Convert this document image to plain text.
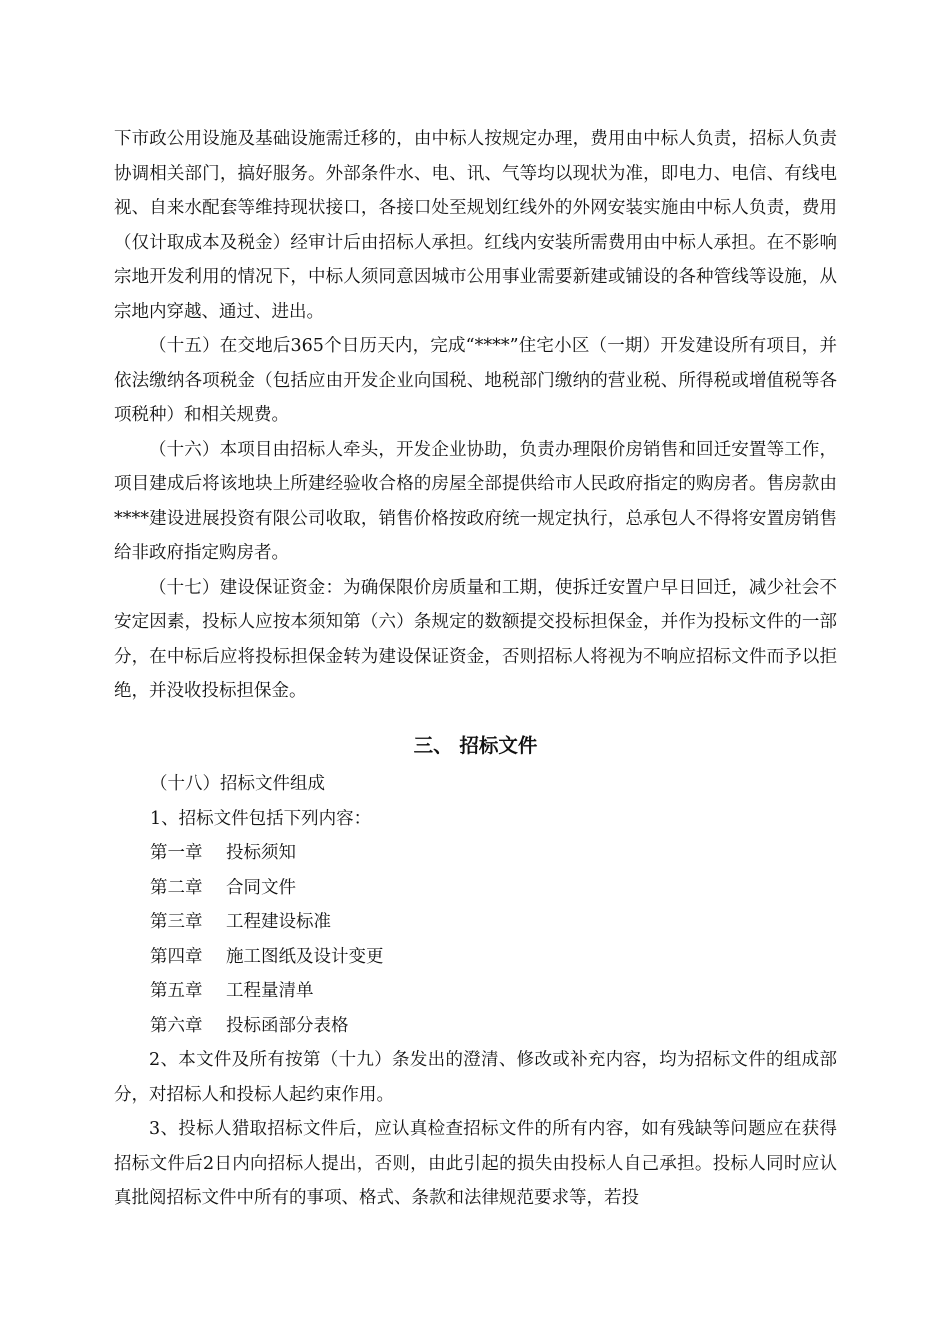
下市政公用设施及基础设施需迁移的，由中标人按规定办理，费用由中标人负责，招标人负责协调相关部门，搞好服务。外部条件水、电、讯、气等均以现状为准，即电力、电信、有线电视、自来水配套等维持现状接口，各接口处至规划红线外的外网安装实施由中标人负责，费用（仅计取成本及税金）经审计后由招标人承担。红线内安装所需费用由中标人承担。在不影响宗地开发利用的情况下，中标人须同意因城市公用事业需要新建或铺设的各种管线等设施，从宗地内穿越、通过、进出。

（十五）在交地后365个日历天内，完成“****”住宅小区（一期）开发建设所有项目，并依法缴纳各项税金（包括应由开发企业向国税、地税部门缴纳的营业税、所得税或增值税等各项税种）和相关规费。

（十六）本项目由招标人牵头，开发企业协助，负责办理限价房销售和回迁安置等工作，项目建成后将该地块上所建经验收合格的房屋全部提供给市人民政府指定的购房者。售房款由****建设进展投资有限公司收取，销售价格按政府统一规定执行，总承包人不得将安置房销售给非政府指定购房者。

（十七）建设保证资金：为确保限价房质量和工期，使拆迁安置户早日回迁，减少社会不安定因素，投标人应按本须知第（六）条规定的数额提交投标担保金，并作为投标文件的一部分，在中标后应将投标担保金转为建设保证资金，否则招标人将视为不响应招标文件而予以拒绝，并没收投标担保金。

三、 招标文件

（十八）招标文件组成

1、招标文件包括下列内容：

第一章 投标须知

第二章 合同文件

第三章 工程建设标准

第四章 施工图纸及设计变更

第五章 工程量清单

第六章 投标函部分表格

2、本文件及所有按第（十九）条发出的澄清、修改或补充内容，均为招标文件的组成部分，对招标人和投标人起约束作用。

3、投标人猎取招标文件后，应认真检查招标文件的所有内容，如有残缺等问题应在获得招标文件后2日内向招标人提出，否则，由此引起的损失由投标人自己承担。投标人同时应认真批阅招标文件中所有的事项、格式、条款和法律规范要求等，若投
